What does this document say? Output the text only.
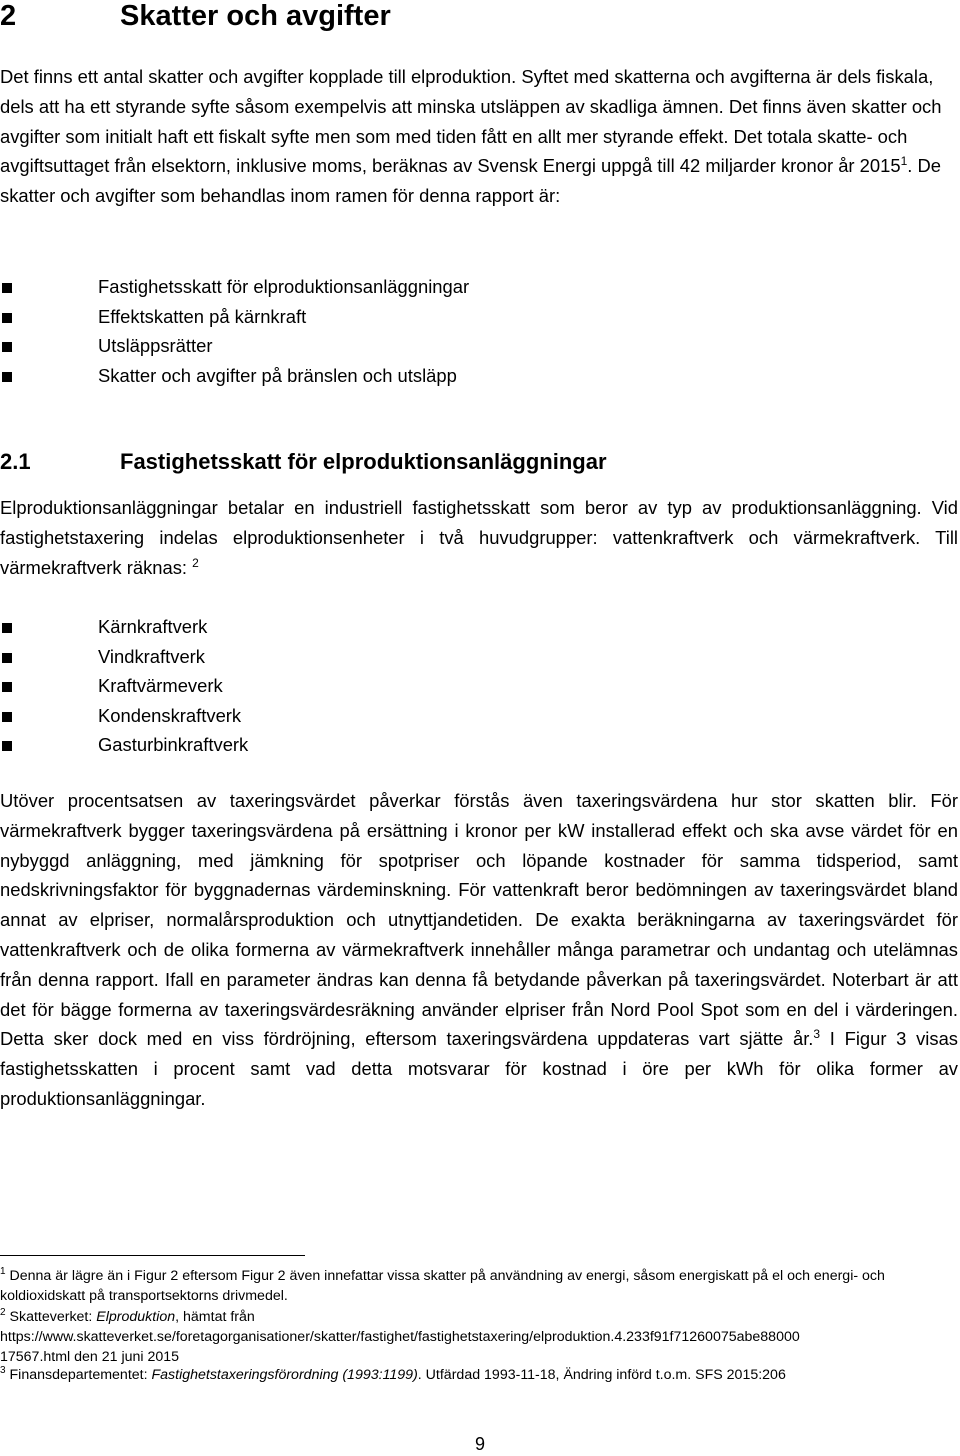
2	Skatter och avgifter

Det finns ett antal skatter och avgifter kopplade till elproduktion. Syftet med skatterna och avgifterna är dels fiskala, dels att ha ett styrande syfte såsom exempelvis att minska utsläppen av skadliga ämnen. Det finns även skatter och avgifter som initialt haft ett fiskalt syfte men som med tiden fått en allt mer styrande effekt. Det totala skatte- och avgiftsuttaget från elsektorn, inklusive moms, beräknas av Svensk Energi uppgå till 42 miljarder kronor år 2015$^1$. De skatter och avgifter som behandlas inom ramen för denna rapport är:

Fastighetsskatt för elproduktionsanläggningar
Effektskatten på kärnkraft
Utsläppsrätter
Skatter och avgifter på bränslen och utsläpp
2.1	Fastighetsskatt för elproduktionsanläggningar

Elproduktionsanläggningar betalar en industriell fastighetsskatt som beror av typ av produktionsanläggning. Vid fastighetstaxering indelas elproduktionsenheter i två huvudgrupper: vattenkraftverk och värmekraftverk. Till värmekraftverk räknas: $^2$

Kärnkraftverk
Vindkraftverk
Kraftvärmeverk
Kondenskraftverk
Gasturbinkraftverk

Utöver procentsatsen av taxeringsvärdet påverkar förstås även taxeringsvärdena hur stor skatten blir. För värmekraftverk bygger taxeringsvärdena på ersättning i kronor per kW installerad effekt och ska avse värdet för en nybyggd anläggning, med jämkning för spotpriser och löpande kostnader för samma tidsperiod, samt nedskrivningsfaktor för byggnadernas värdeminskning. För vattenkraft beror bedömningen av taxeringsvärdet bland annat av elpriser, normalårsproduktion och utnyttjandetiden. De exakta beräkningarna av taxeringsvärdet för vattenkraftverk och de olika formerna av värmekraftverk innehåller många parametrar och undantag och utelämnas från denna rapport. Ifall en parameter ändras kan denna få betydande påverkan på taxeringsvärdet. Noterbart är att det för bägge formerna av taxeringsvärdesräkning använder elpriser från Nord Pool Spot som en del i värderingen. Detta sker dock med en viss fördröjning, eftersom taxeringsvärdena uppdateras vart sjätte år.$^3$ I Figur 3 visas fastighetsskatten i procent samt vad detta motsvarar för kostnad i öre per kWh för olika former av produktionsanläggningar.

$^1$ Denna är lägre än i Figur 2 eftersom Figur 2 även innefattar vissa skatter på användning av energi, såsom energiskatt på el och energi- och koldioxidskatt på transportsektorns drivmedel.

$^2$ Skatteverket: Elproduktion, hämtat från
https://www.skatteverket.se/foretagorganisationer/skatter/fastighet/fastighetstaxering/elproduktion.4.233f91f71260075abe88000
17567.html den 21 juni 2015

$^3$ Finansdepartementet: Fastighetstaxeringsförordning (1993:1199). Utfärdad 1993-11-18, Ändring införd t.o.m. SFS 2015:206

9
